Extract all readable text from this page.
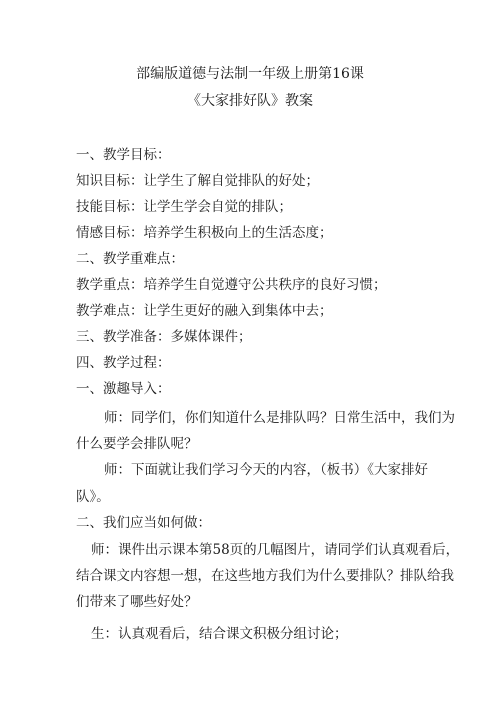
部编版道德与法制一年级上册第16课
《大家排好队》教案
一、教学目标：
知识目标：让学生了解自觉排队的好处；
技能目标：让学生学会自觉的排队；
情感目标：培养学生积极向上的生活态度；
二、教学重难点：
教学重点：培养学生自觉遵守公共秩序的良好习惯；
教学难点：让学生更好的融入到集体中去；
三、教学准备：多媒体课件；
四、教学过程：
一、激趣导入：
师：同学们，你们知道什么是排队吗？日常生活中，我们为
什么要学会排队呢？
师：下面就让我们学习今天的内容，（板书）《大家排好
队》。
二、我们应当如何做：
师：课件出示课本第58页的几幅图片，请同学们认真观看后，
结合课文内容想一想，在这些地方我们为什么要排队？排队给我
们带来了哪些好处？
生：认真观看后，结合课文积极分组讨论；
